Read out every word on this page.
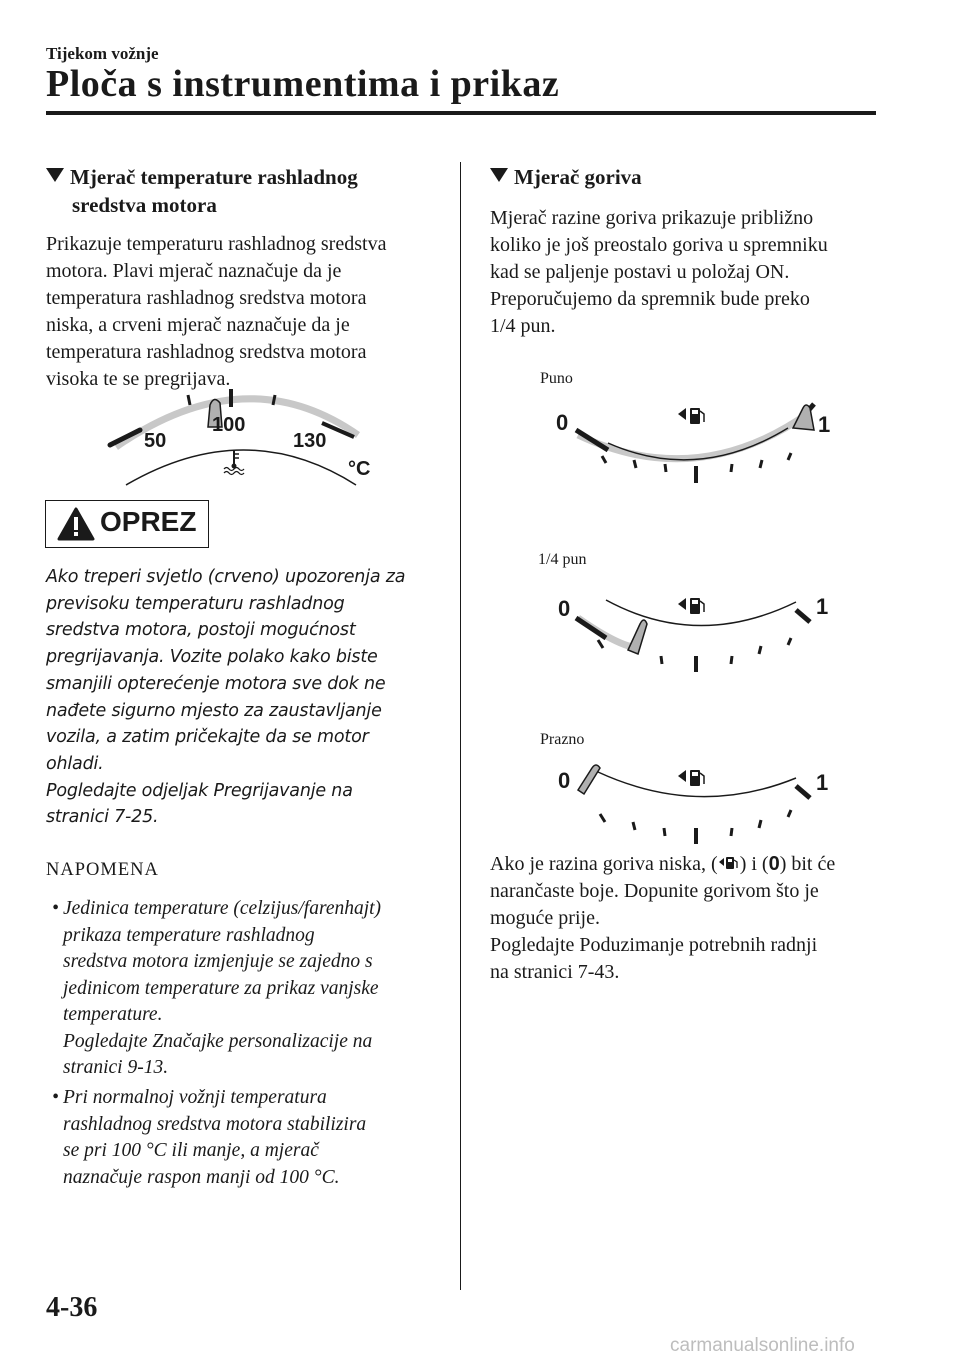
Tijekom vožnje
Ploča s instrumentima i prikaz
Mjerač temperature rashladnog
sredstva motora
Prikazuje temperaturu rashladnog sredstva
motora. Plavi mjerač naznačuje da je
temperatura rashladnog sredstva motora
niska, a crveni mjerač naznačuje da je
temperatura rashladnog sredstva motora
visoka te se pregrijava.
50
100
130
°C
OPREZ
Ako treperi svjetlo (crveno) upozorenja za
previsoku temperaturu rashladnog
sredstva motora, postoji mogućnost
pregrijavanja. Vozite polako kako biste
smanjili opterećenje motora sve dok ne
nađete sigurno mjesto za zaustavljanje
vozila, a zatim pričekajte da se motor
ohladi.
Pogledajte odjeljak Pregrijavanje na
stranici 7-25.
NAPOMENA
• Jedinica temperature (celzijus/farenhajt)
prikaza temperature rashladnog
sredstva motora izmjenjuje se zajedno s
jedinicom temperature za prikaz vanjske
temperature.
Pogledajte Značajke personalizacije na
stranici 9-13.
• Pri normalnoj vožnji temperatura
rashladnog sredstva motora stabilizira
se pri 100 °C ili manje, a mjerač
naznačuje raspon manji od 100 °C.
Mjerač goriva
Mjerač razine goriva prikazuje približno
koliko je još preostalo goriva u spremniku
kad se paljenje postavi u položaj ON.
Preporučujemo da spremnik bude preko
1/4 pun.
Puno
0	1
1/4 pun
0	1
Prazno
0	1
Ako je razina goriva niska, ( ) i (0) bit će
narančaste boje. Dopunite gorivom što je
moguće prije.
Pogledajte Poduzimanje potrebnih radnji
na stranici 7-43.
4-36
carmanualsonline.info
